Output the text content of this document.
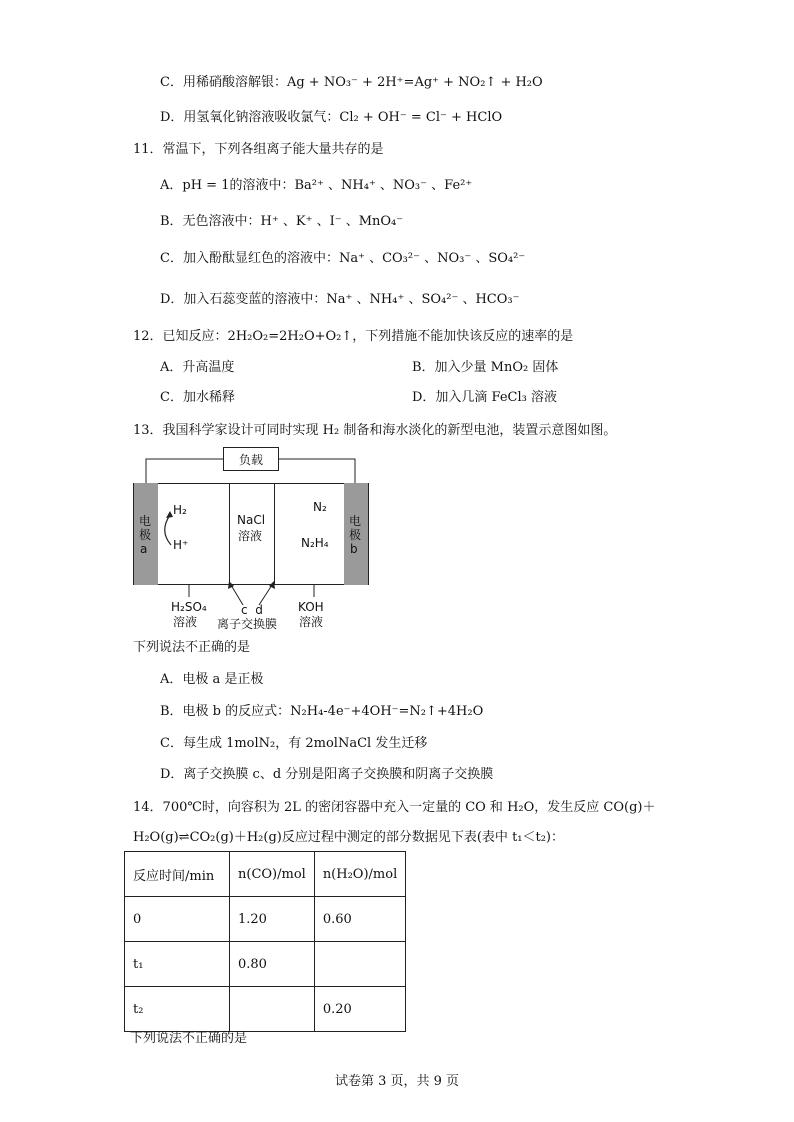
C．用稀硝酸溶解银：Ag + NO₃⁻ + 2H⁺=Ag⁺ + NO₂↑ + H₂O
D．用氢氧化钠溶液吸收氯气：Cl₂ + OH⁻ = Cl⁻ + HClO
11．常温下，下列各组离子能大量共存的是
A．pH = 1的溶液中：Ba²⁺ 、NH₄⁺ 、NO₃⁻ 、Fe²⁺
B．无色溶液中：H⁺ 、K⁺ 、I⁻ 、MnO₄⁻
C．加入酚酞显红色的溶液中：Na⁺ 、CO₃²⁻ 、NO₃⁻ 、SO₄²⁻
D．加入石蕊变蓝的溶液中：Na⁺ 、NH₄⁺ 、SO₄²⁻ 、HCO₃⁻
12．已知反应：2H₂O₂=2H₂O+O₂↑，下列措施不能加快该反应的速率的是
A．升高温度	B．加入少量 MnO₂ 固体
C．加水稀释	D．加入几滴 FeCl₃ 溶液
13．我国科学家设计可同时实现 H₂ 制备和海水淡化的新型电池，装置示意图如图。
负载
电
极
a
电
极
b
H₂
H⁺
NaCl
溶液
N₂
N₂H₄
H₂SO₄
溶液
c  d
离子交换膜
KOH
溶液
下列说法不正确的是
A．电极 a 是正极
B．电极 b 的反应式：N₂H₄-4e⁻+4OH⁻=N₂↑+4H₂O
C．每生成 1molN₂，有 2molNaCl 发生迁移
D．离子交换膜 c、d 分别是阳离子交换膜和阴离子交换膜
14．700℃时，向容积为 2L 的密闭容器中充入一定量的 CO 和 H₂O，发生反应 CO(g)＋
H₂O(g)⇌CO₂(g)＋H₂(g)反应过程中测定的部分数据见下表(表中 t₁＜t₂)：
反应时间/min	n(CO)/mol	n(H₂O)/mol
0	1.20	0.60
t₁	0.80	
t₂		0.20
下列说法不正确的是
试卷第 3 页，共 9 页
